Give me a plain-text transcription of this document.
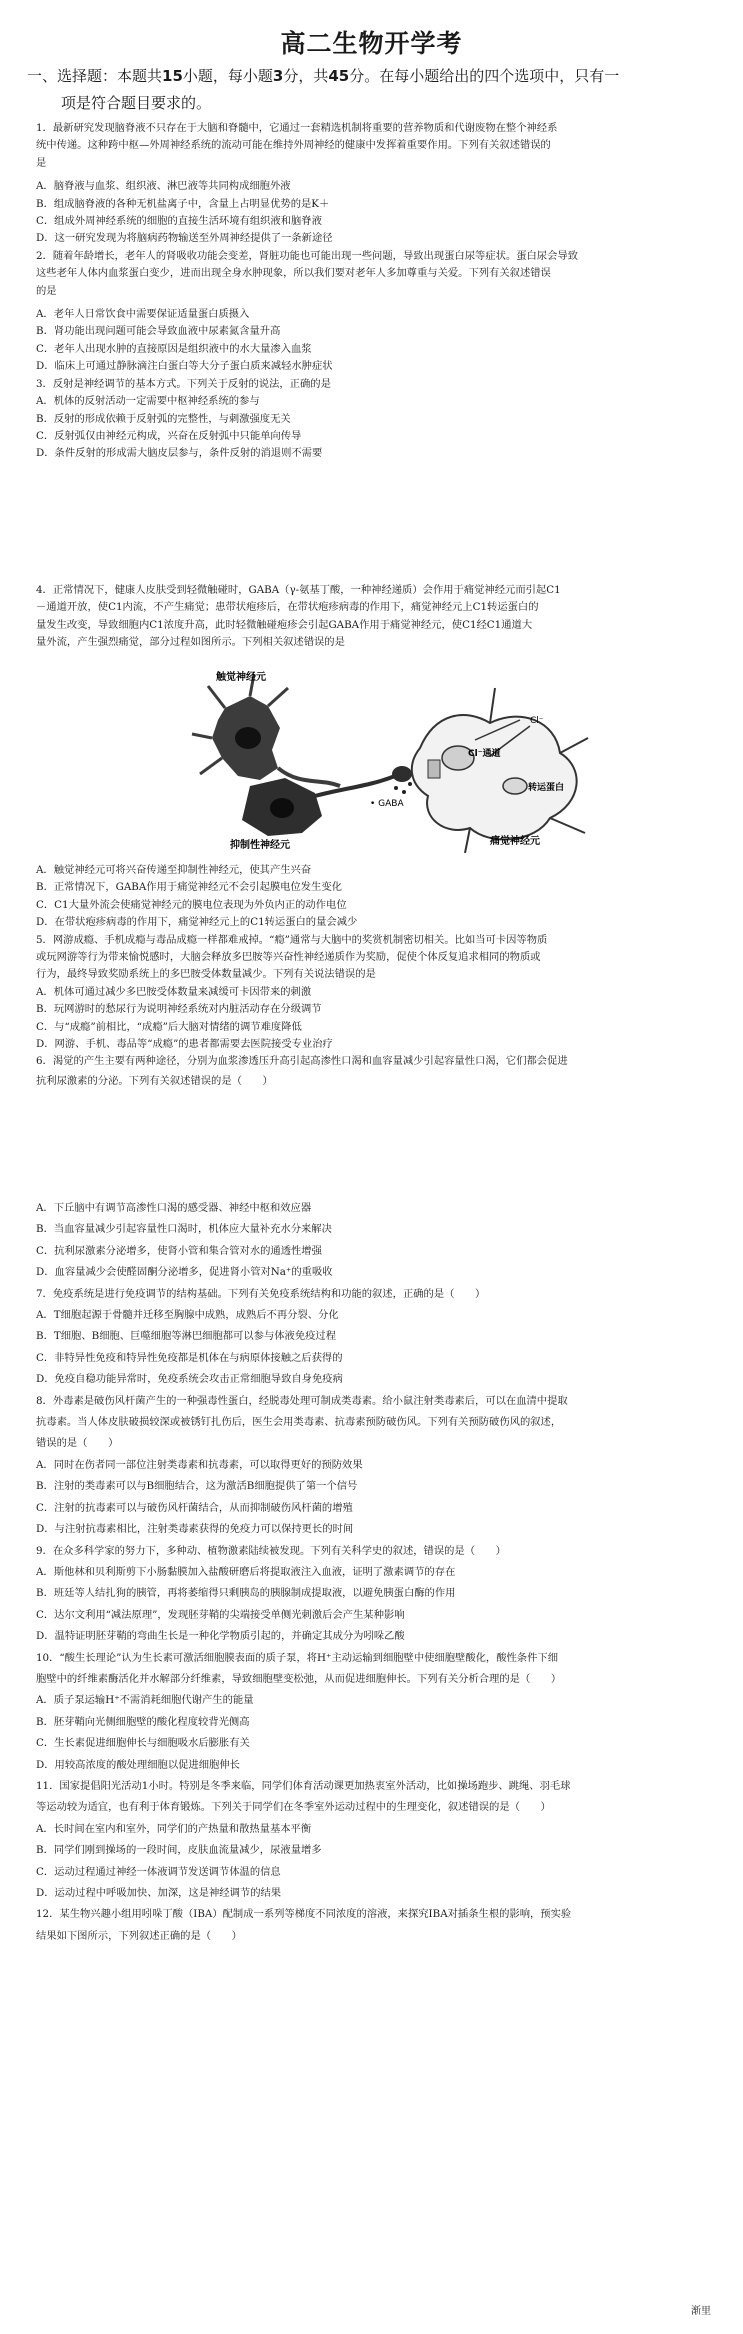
高二生物开学考
一、选择题：本题共15小题，每小题3分，共45分。在每小题给出的四个选项中，只有一
项是符合题目要求的。

1．最新研究发现脑脊液不只存在于大脑和脊髓中，它通过一套精选机制将重要的营养物质和代谢废物在整个神经系

统中传递。这种跨中枢—外周神经系统的流动可能在维持外周神经的健康中发挥着重要作用。下列有关叙述错误的

是

A．脑脊液与血浆、组织液、淋巴液等共同构成细胞外液

B．组成脑脊液的各种无机盐离子中，含量上占明显优势的是K＋

C．组成外周神经系统的细胞的直接生活环境有组织液和脑脊液

D．这一研究发现为将脑病药物输送至外周神经提供了一条新途径

2．随着年龄增长，老年人的肾吸收功能会变差，肾脏功能也可能出现一些问题，导致出现蛋白尿等症状。蛋白尿会导致

这些老年人体内血浆蛋白变少，进而出现全身水肿现象，所以我们要对老年人多加尊重与关爱。下列有关叙述错误

的是

A．老年人日常饮食中需要保证适量蛋白质摄入

B．肾功能出现问题可能会导致血液中尿素氮含量升高

C．老年人出现水肿的直接原因是组织液中的水大量渗入血浆

D．临床上可通过静脉滴注白蛋白等大分子蛋白质来减轻水肿症状

3．反射是神经调节的基本方式。下列关于反射的说法，正确的是

A．机体的反射活动一定需要中枢神经系统的参与

B．反射的形成依赖于反射弧的完整性，与刺激强度无关

C．反射弧仅由神经元构成，兴奋在反射弧中只能单向传导

D．条件反射的形成需大脑皮层参与，条件反射的消退则不需要

4．正常情况下，健康人皮肤受到轻微触碰时，GABA（γ-氨基丁酸，一种神经递质）会作用于痛觉神经元而引起C1

－通道开放，使C1内流，不产生痛觉；患带状疱疹后，在带状疱疹病毒的作用下，痛觉神经元上C1转运蛋白的

量发生改变，导致细胞内C1浓度升高，此时轻微触碰疱疹会引起GABA作用于痛觉神经元，使C1经C1通道大

量外流，产生强烈痛觉，部分过程如图所示。下列相关叙述错误的是

触觉神经元
抑制性神经元
• GABA
Cl⁻通道
Cl⁻
转运蛋白
痛觉神经元

A．触觉神经元可将兴奋传递至抑制性神经元，使其产生兴奋

B．正常情况下，GABA作用于痛觉神经元不会引起膜电位发生变化

C．C1大量外流会使痛觉神经元的膜电位表现为外负内正的动作电位

D．在带状疱疹病毒的作用下，痛觉神经元上的C1转运蛋白的量会减少

5．网游成瘾、手机成瘾与毒品成瘾一样都难戒掉。“瘾”通常与大脑中的奖赏机制密切相关。比如当可卡因等物质

或玩网游等行为带来愉悦感时，大脑会释放多巴胺等兴奋性神经递质作为奖励，促使个体反复追求相同的物质或

行为，最终导致奖励系统上的多巴胺受体数量减少。下列有关说法错误的是

A．机体可通过减少多巴胺受体数量来减缓可卡因带来的刺激

B．玩网游时的愁尿行为说明神经系统对内脏活动存在分级调节

C．与“成瘾”前相比，“成瘾”后大脑对情绪的调节难度降低

D．网游、手机、毒品等“成瘾”的患者都需要去医院接受专业治疗

6．渴觉的产生主要有两种途径，分别为血浆渗透压升高引起高渗性口渴和血容量减少引起容量性口渴，它们都会促进

抗利尿激素的分泌。下列有关叙述错误的是（　　）

A．下丘脑中有调节高渗性口渴的感受器、神经中枢和效应器

B．当血容量减少引起容量性口渴时，机体应大量补充水分来解决

C．抗利尿激素分泌增多，使肾小管和集合管对水的通透性增强

D．血容量减少会使醛固酮分泌增多，促进肾小管对Na⁺的重吸收

7．免疫系统是进行免疫调节的结构基础。下列有关免疫系统结构和功能的叙述，正确的是（　　）

A．T细胞起源于骨髓并迁移至胸腺中成熟，成熟后不再分裂、分化

B．T细胞、B细胞、巨噬细胞等淋巴细胞都可以参与体液免疫过程

C．非特异性免疫和特异性免疫都是机体在与病原体接触之后获得的

D．免疫自稳功能异常时，免疫系统会攻击正常细胞导致自身免疫病

8．外毒素是破伤风杆菌产生的一种强毒性蛋白，经脱毒处理可制成类毒素。给小鼠注射类毒素后，可以在血清中提取

抗毒素。当人体皮肤破损较深或被锈钉扎伤后，医生会用类毒素、抗毒素预防破伤风。下列有关预防破伤风的叙述，

错误的是（　　）

A．同时在伤者同一部位注射类毒素和抗毒素，可以取得更好的预防效果

B．注射的类毒素可以与B细胞结合，这为激活B细胞提供了第一个信号

C．注射的抗毒素可以与破伤风杆菌结合，从而抑制破伤风杆菌的增殖

D．与注射抗毒素相比，注射类毒素获得的免疫力可以保持更长的时间

9．在众多科学家的努力下，多种动、植物激素陆续被发现。下列有关科学史的叙述，错误的是（　　）

A．斯他林和贝利斯剪下小肠黏膜加入盐酸研磨后将提取液注入血液，证明了激素调节的存在

B．班廷等人结扎狗的胰管，再将萎缩得只剩胰岛的胰腺制成提取液，以避免胰蛋白酶的作用

C．达尔文利用“减法原理”，发现胚芽鞘的尖端接受单侧光刺激后会产生某种影响

D．温特证明胚芽鞘的弯曲生长是一种化学物质引起的，并确定其成分为吲哚乙酸

10．“酸生长理论”认为生长素可激活细胞膜表面的质子泵，将H⁺主动运输到细胞壁中使细胞壁酸化，酸性条件下细

胞壁中的纤维素酶活化并水解部分纤维素，导致细胞壁变松弛，从而促进细胞伸长。下列有关分析合理的是（　　）

A．质子泵运输H⁺不需消耗细胞代谢产生的能量

B．胚芽鞘向光侧细胞壁的酸化程度较背光侧高

C．生长素促进细胞伸长与细胞吸水后膨胀有关

D．用较高浓度的酸处理细胞以促进细胞伸长

11．国家提倡阳光活动1小时。特别是冬季来临，同学们体育活动课更加热衷室外活动，比如操场跑步、跳绳、羽毛球

等运动较为适宜，也有利于体育锻炼。下列关于同学们在冬季室外运动过程中的生理变化，叙述错误的是（　　）

A．长时间在室内和室外，同学们的产热量和散热量基本平衡

B．同学们刚到操场的一段时间，皮肤血流量减少，尿液量增多

C．运动过程通过神经一体液调节发送调节体温的信息

D．运动过程中呼吸加快、加深，这是神经调节的结果

12．某生物兴趣小组用吲哚丁酸（IBA）配制成一系列等梯度不同浓度的溶液，来探究IBA对插条生根的影响，预实验

结果如下图所示，下列叙述正确的是（　　）

渐里
